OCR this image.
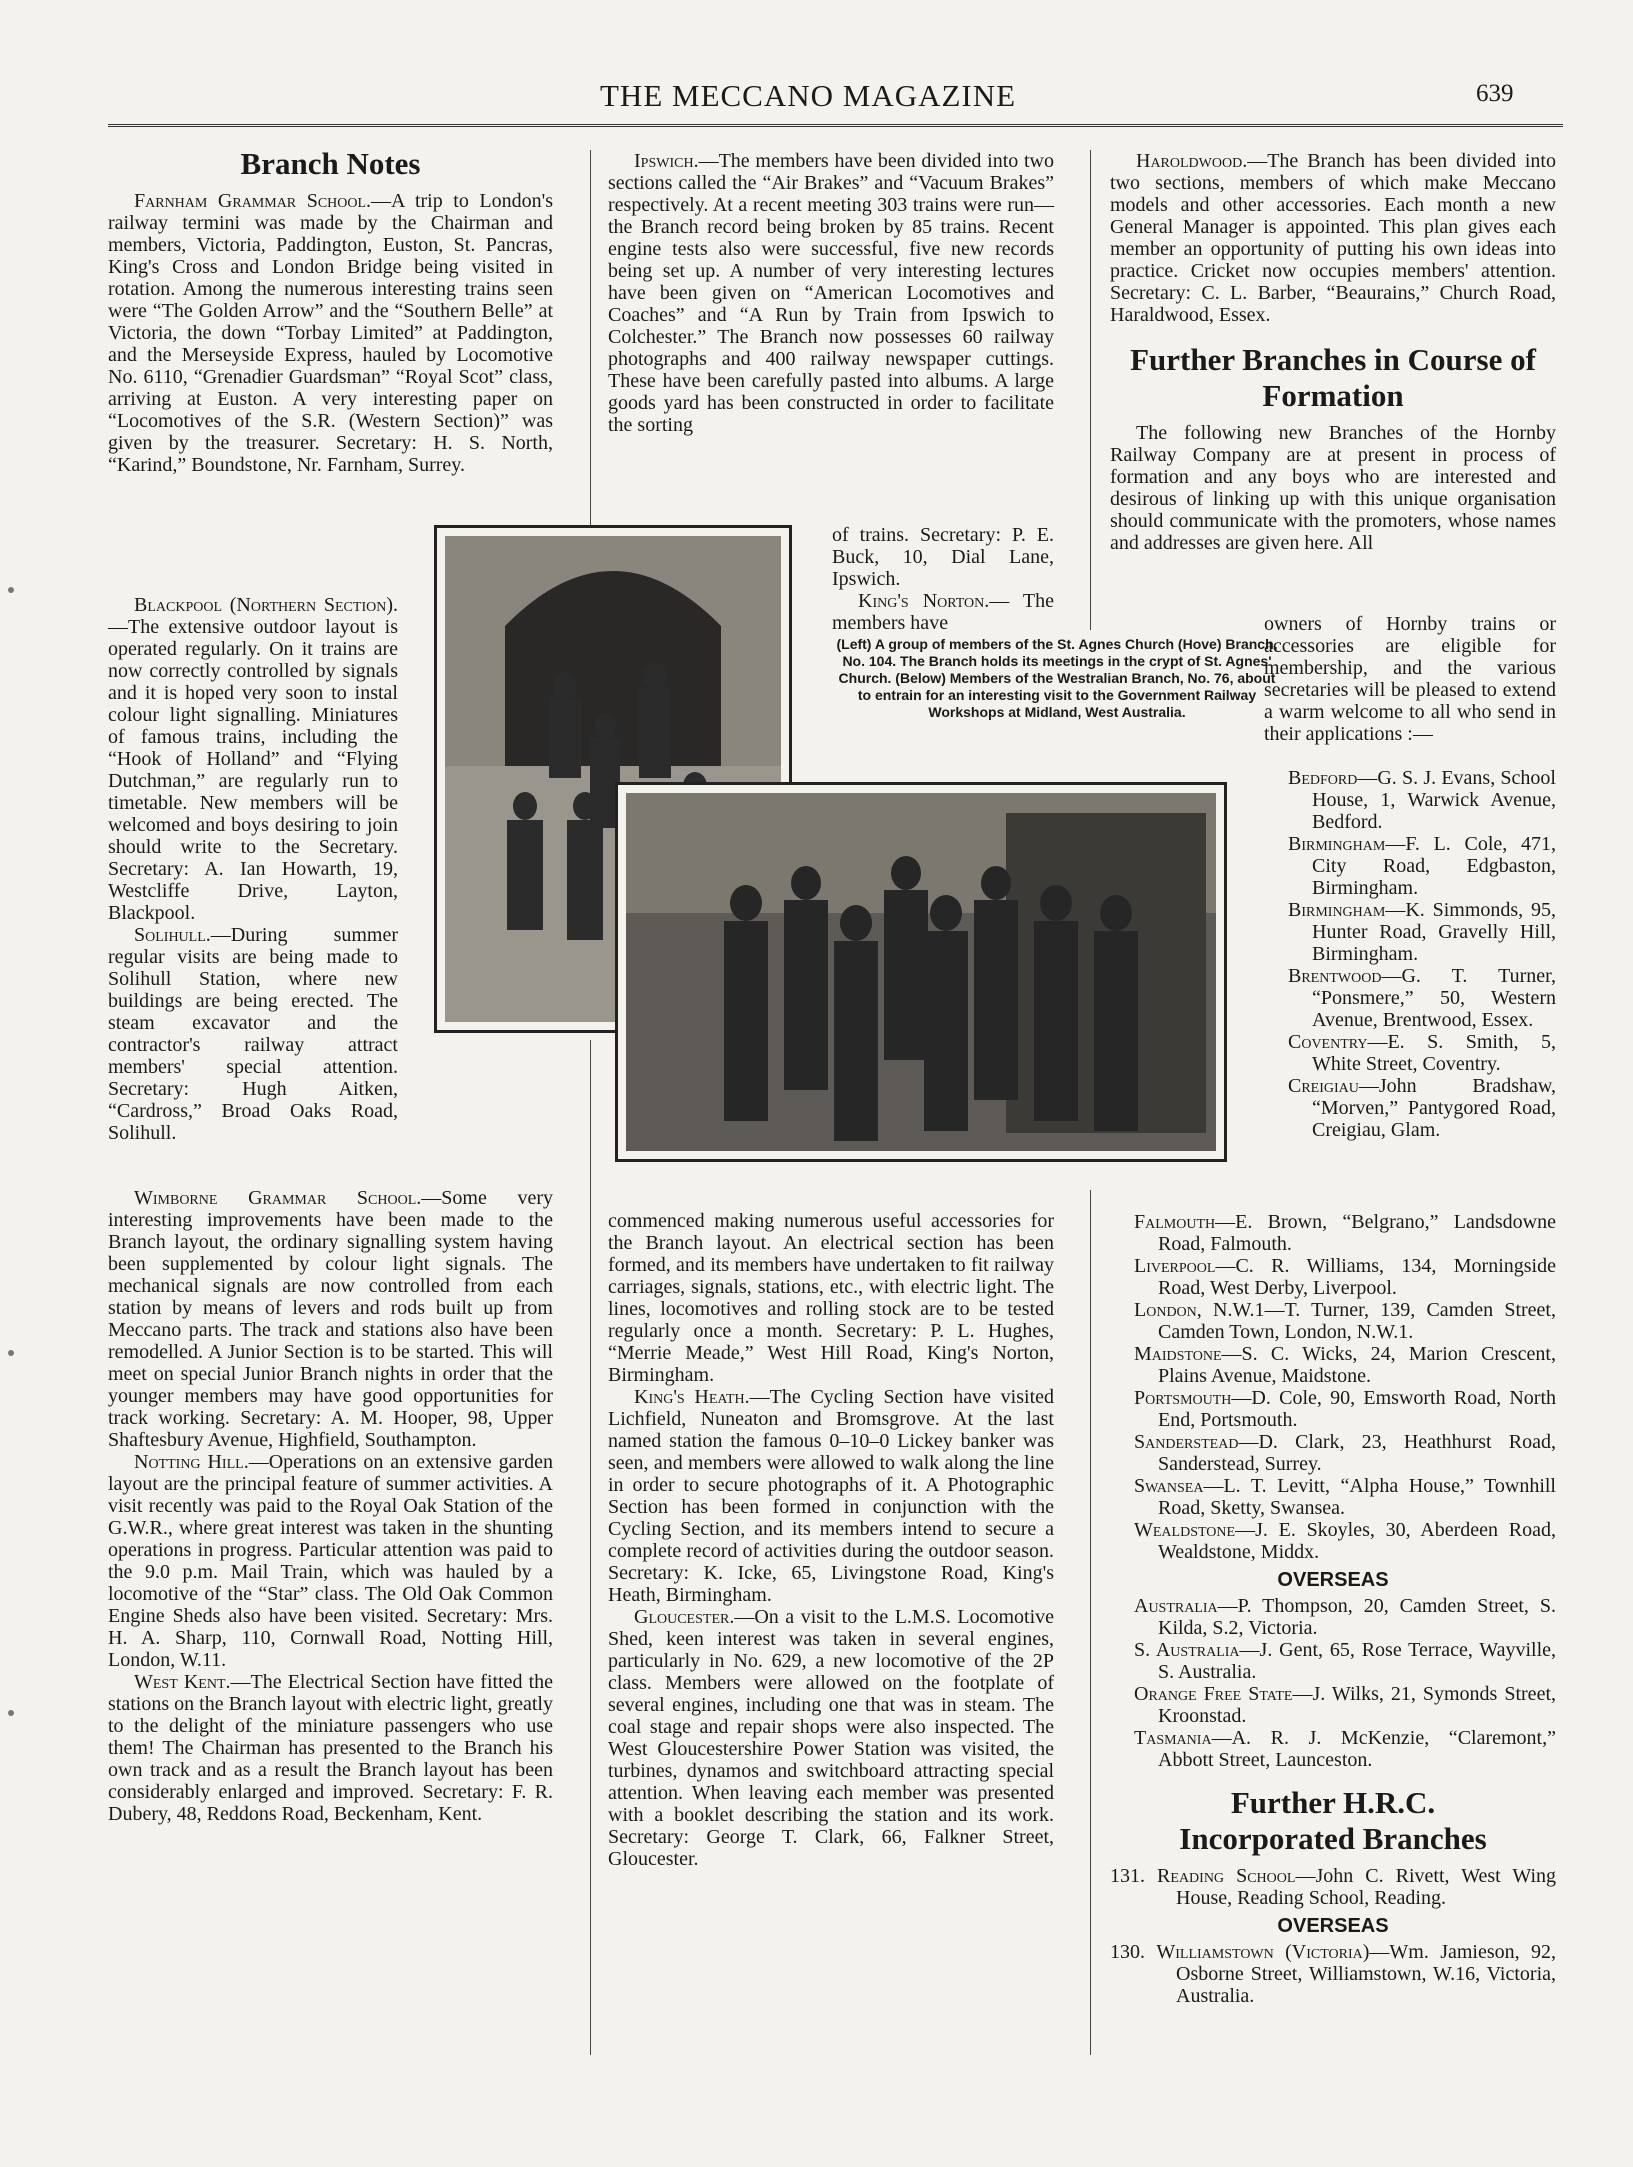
THE MECCANO MAGAZINE	639
(Left) A group of members of the St. Agnes Church (Hove) Branch, No. 104. The Branch holds its meetings in the crypt of St. Agnes' Church. (Below) Members of the Westralian Branch, No. 76, about to entrain for an interesting visit to the Government Railway Workshops at Midland, West Australia.
Branch Notes

Farnham Grammar School.—A trip to London's railway termini was made by the Chairman and members, Victoria, Paddington, Euston, St. Pancras, King's Cross and London Bridge being visited in rotation. Among the numerous interesting trains seen were “The Golden Arrow” and the “Southern Belle” at Victoria, the down “Torbay Limited” at Paddington, and the Merseyside Express, hauled by Locomotive No. 6110, “Grenadier Guardsman” “Royal Scot” class, arriving at Euston. A very interesting paper on “Locomotives of the S.R. (Western Section)” was given by the treasurer. Secretary: H. S. North, “Karind,” Boundstone, Nr. Farnham, Surrey.

Blackpool (Northern Section).—The extensive outdoor layout is operated regularly. On it trains are now correctly controlled by signals and it is hoped very soon to instal colour light signalling. Miniatures of famous trains, including the “Hook of Holland” and “Flying Dutchman,” are regularly run to timetable. New members will be welcomed and boys desiring to join should write to the Secretary. Secretary: A. Ian Howarth, 19, Westcliffe Drive, Layton, Blackpool.

Solihull.—During summer regular visits are being made to Solihull Station, where new buildings are being erected. The steam excavator and the contractor's railway attract members' special attention. Secretary: Hugh Aitken, “Cardross,” Broad Oaks Road, Solihull.

Wimborne Grammar School.—Some very interesting improvements have been made to the Branch layout, the ordinary signalling system having been supplemented by colour light signals. The mechanical signals are now controlled from each station by means of levers and rods built up from Meccano parts. The track and stations also have been remodelled. A Junior Section is to be started. This will meet on special Junior Branch nights in order that the younger members may have good opportunities for track working. Secretary: A. M. Hooper, 98, Upper Shaftesbury Avenue, Highfield, Southampton.

Notting Hill.—Operations on an extensive garden layout are the principal feature of summer activities. A visit recently was paid to the Royal Oak Station of the G.W.R., where great interest was taken in the shunting operations in progress. Particular attention was paid to the 9.0 p.m. Mail Train, which was hauled by a locomotive of the “Star” class. The Old Oak Common Engine Sheds also have been visited. Secretary: Mrs. H. A. Sharp, 110, Cornwall Road, Notting Hill, London, W.11.

West Kent.—The Electrical Section have fitted the stations on the Branch layout with electric light, greatly to the delight of the miniature passengers who use them! The Chairman has presented to the Branch his own track and as a result the Branch layout has been considerably enlarged and improved. Secretary: F. R. Dubery, 48, Reddons Road, Beckenham, Kent.

Ipswich.—The members have been divided into two sections called the “Air Brakes” and “Vacuum Brakes” respectively. At a recent meeting 303 trains were run—the Branch record being broken by 85 trains. Recent engine tests also were successful, five new records being set up. A number of very interesting lectures have been given on “American Locomotives and Coaches” and “A Run by Train from Ipswich to Colchester.” The Branch now possesses 60 railway photographs and 400 railway newspaper cuttings. These have been carefully pasted into albums. A large goods yard has been constructed in order to facilitate the sorting

of trains. Secretary: P. E. Buck, 10, Dial Lane, Ipswich.

King's Norton.— The members have

commenced making numerous useful accessories for the Branch layout. An electrical section has been formed, and its members have undertaken to fit railway carriages, signals, stations, etc., with electric light. The lines, locomotives and rolling stock are to be tested regularly once a month. Secretary: P. L. Hughes, “Merrie Meade,” West Hill Road, King's Norton, Birmingham.

King's Heath.—The Cycling Section have visited Lichfield, Nuneaton and Bromsgrove. At the last named station the famous 0–10–0 Lickey banker was seen, and members were allowed to walk along the line in order to secure photographs of it. A Photographic Section has been formed in conjunction with the Cycling Section, and its members intend to secure a complete record of activities during the outdoor season. Secretary: K. Icke, 65, Livingstone Road, King's Heath, Birmingham.

Gloucester.—On a visit to the L.M.S. Locomotive Shed, keen interest was taken in several engines, particularly in No. 629, a new locomotive of the 2P class. Members were allowed on the footplate of several engines, including one that was in steam. The coal stage and repair shops were also inspected. The West Gloucestershire Power Station was visited, the turbines, dynamos and switchboard attracting special attention. When leaving each member was presented with a booklet describing the station and its work. Secretary: George T. Clark, 66, Falkner Street, Gloucester.

Haroldwood.—The Branch has been divided into two sections, members of which make Meccano models and other accessories. Each month a new General Manager is appointed. This plan gives each member an opportunity of putting his own ideas into practice. Cricket now occupies members' attention. Secretary: C. L. Barber, “Beaurains,” Church Road, Haraldwood, Essex.

Further Branches in Course of Formation

The following new Branches of the Hornby Railway Company are at present in process of formation and any boys who are interested and desirous of linking up with this unique organisation should communicate with the promoters, whose names and addresses are given here. All

owners of Hornby trains or accessories are eligible for membership, and the various secretaries will be pleased to extend a warm welcome to all who send in their applications :—

Bedford—G. S. J. Evans, School House, 1, Warwick Avenue, Bedford.

Birmingham—F. L. Cole, 471, City Road, Edgbaston, Birmingham.

Birmingham—K. Simmonds, 95, Hunter Road, Gravelly Hill, Birmingham.

Brentwood—G. T. Turner, “Ponsmere,” 50, Western Avenue, Brentwood, Essex.

Coventry—E. S. Smith, 5, White Street, Coventry.

Creigiau—John Bradshaw, “Morven,” Pantygored Road, Creigiau, Glam.

Falmouth—E. Brown, “Belgrano,” Landsdowne Road, Falmouth.

Liverpool—C. R. Williams, 134, Morningside Road, West Derby, Liverpool.

London, N.W.1—T. Turner, 139, Camden Street, Camden Town, London, N.W.1.

Maidstone—S. C. Wicks, 24, Marion Crescent, Plains Avenue, Maidstone.

Portsmouth—D. Cole, 90, Emsworth Road, North End, Portsmouth.

Sanderstead—D. Clark, 23, Heathhurst Road, Sanderstead, Surrey.

Swansea—L. T. Levitt, “Alpha House,” Townhill Road, Sketty, Swansea.

Wealdstone—J. E. Skoyles, 30, Aberdeen Road, Wealdstone, Middx.

OVERSEAS

Australia—P. Thompson, 20, Camden Street, S. Kilda, S.2, Victoria.

S. Australia—J. Gent, 65, Rose Terrace, Wayville, S. Australia.

Orange Free State—J. Wilks, 21, Symonds Street, Kroonstad.

Tasmania—A. R. J. McKenzie, “Claremont,” Abbott Street, Launceston.

Further H.R.C. Incorporated Branches

131. Reading School—John C. Rivett, West Wing House, Reading School, Reading.

OVERSEAS

130. Williamstown (Victoria)—Wm. Jamieson, 92, Osborne Street, Williamstown, W.16, Victoria, Australia.
